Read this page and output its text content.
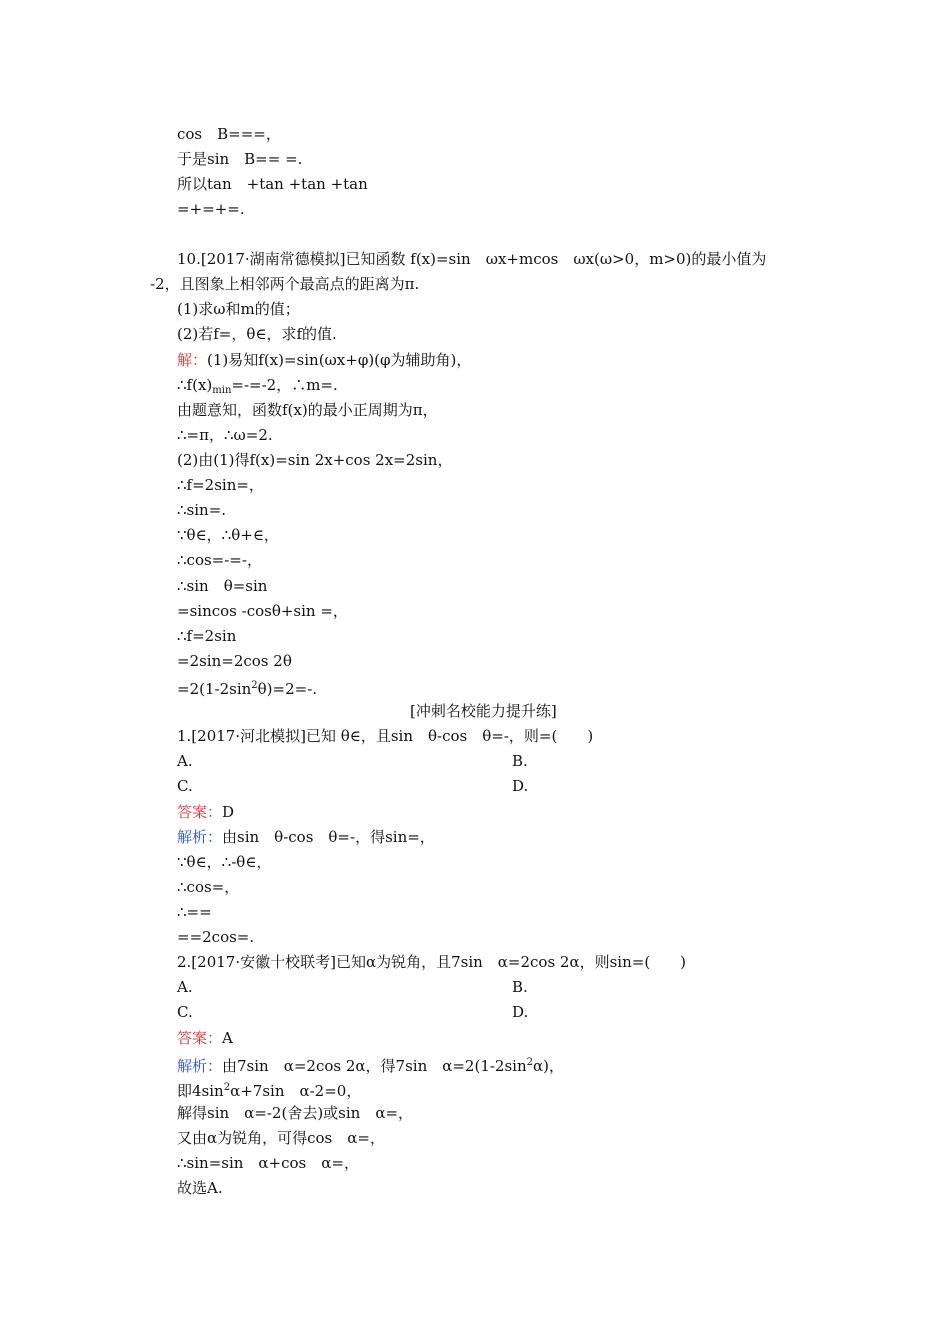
cos　B===，
于是sin　B== =.
所以tan　+tan +tan +tan
=+=+=.
10.[2017·湖南常德模拟]已知函数 f(x)=sin　ωx+mcos　ωx(ω>0，m>0)的最小值为
-2，且图象上相邻两个最高点的距离为π.
(1)求ω和m的值；
(2)若f=，θ∈，求f的值.
解：(1)易知f(x)=sin(ωx+φ)(φ为辅助角)，
$\therefore f(x)_{min}=-=-2$，∴m=.
由题意知，函数f(x)的最小正周期为π，
∴=π，∴ω=2.
(2)由(1)得f(x)=sin 2x+cos 2x=2sin，
∴f=2sin=，
∴sin=.
∵θ∈，∴θ+∈，
∴cos=-=-，
∴sin　θ=sin
=sincos -cosθ+sin =，
∴f=2sin
=2sin=2cos 2θ
$=2(1-2\sin^2\theta)=2=-$.
[冲刺名校能力提升练]
1.[2017·河北模拟]已知 θ∈，且sin　θ-cos　θ=-，则=(　　)
A.	B.
C.	D.
答案：D
解析：由sin　θ-cos　θ=-，得sin=，
∵θ∈，∴-θ∈，
∴cos=，
∴==
==2cos=.
2.[2017·安徽十校联考]已知α为锐角，且7sin　α=2cos 2α，则sin=(　　)
A.	B.
C.	D.
答案：A
解析：由7sin　α=2cos 2α，得7sin　$\alpha=2(1-2\sin^2\alpha)$，
即$4\sin^2\alpha+7\sin$　α-2=0，
解得sin　α=-2(舍去)或sin　α=，
又由α为锐角，可得cos　α=，
∴sin=sin　α+cos　α=，
故选A.
